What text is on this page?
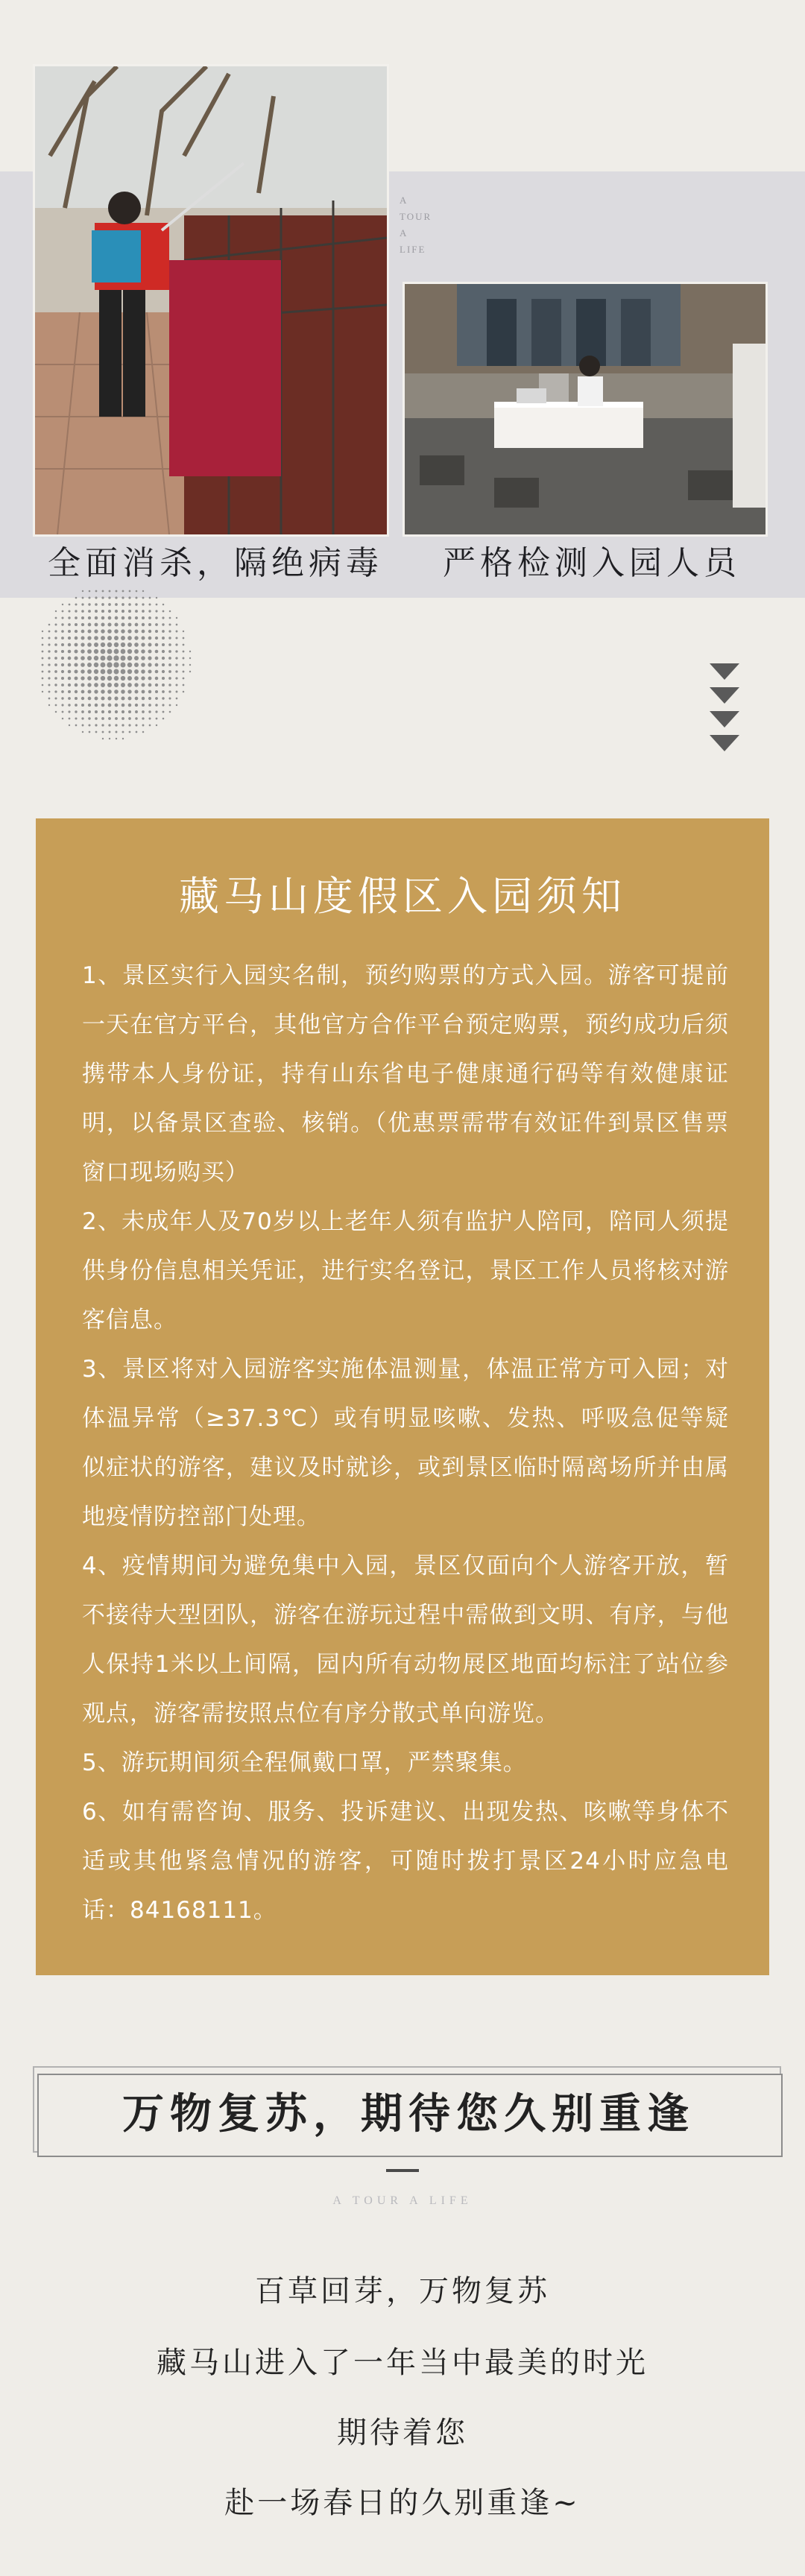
A
TOUR
A
LIFE
全面消杀，隔绝病毒 严格检测入园人员
藏马山度假区入园须知

1、景区实行入园实名制，预约购票的方式入园。游客可提前一天在官方平台，其他官方合作平台预定购票，预约成功后须携带本人身份证，持有山东省电子健康通行码等有效健康证明，以备景区查验、核销。（优惠票需带有效证件到景区售票窗口现场购买）

2、未成年人及70岁以上老年人须有监护人陪同，陪同人须提供身份信息相关凭证，进行实名登记，景区工作人员将核对游客信息。

3、景区将对入园游客实施体温测量，体温正常方可入园；对体温异常（≥37.3℃）或有明显咳嗽、发热、呼吸急促等疑似症状的游客，建议及时就诊，或到景区临时隔离场所并由属地疫情防控部门处理。

4、疫情期间为避免集中入园，景区仅面向个人游客开放，暂不接待大型团队，游客在游玩过程中需做到文明、有序，与他人保持1米以上间隔，园内所有动物展区地面均标注了站位参观点，游客需按照点位有序分散式单向游览。

5、游玩期间须全程佩戴口罩，严禁聚集。

6、如有需咨询、服务、投诉建议、出现发热、咳嗽等身体不适或其他紧急情况的游客，可随时拨打景区24小时应急电话：84168111。

万物复苏，期待您久别重逢
A TOUR A LIFE
百草回芽，万物复苏
藏马山进入了一年当中最美的时光
期待着您
赴一场春日的久别重逢~
